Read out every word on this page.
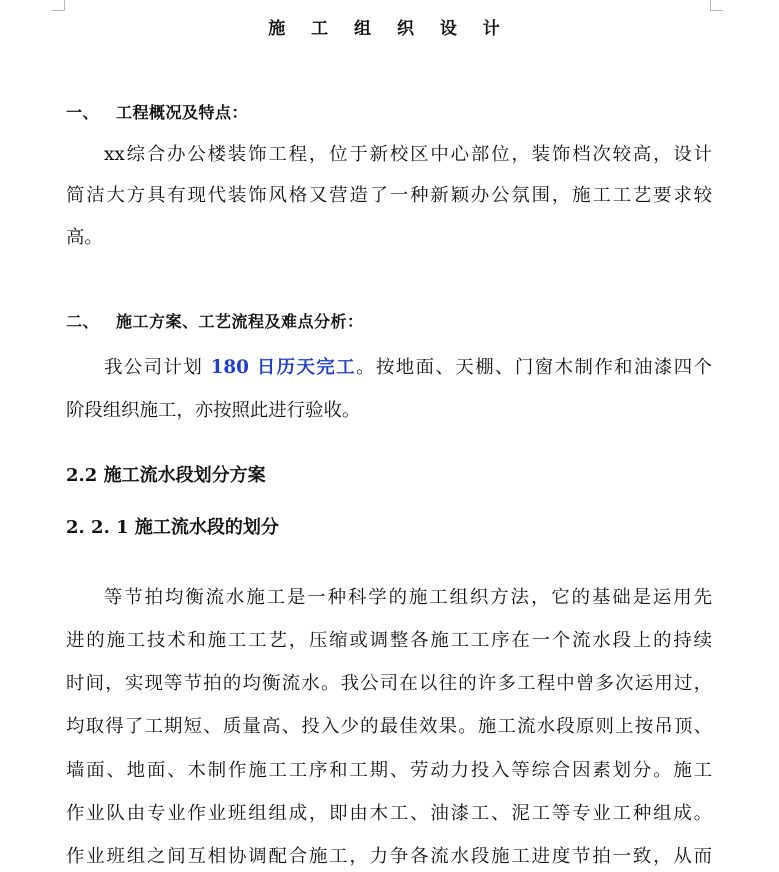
施 工 组 织 设 计
一、 工程概况及特点：
xx综合办公楼装饰工程，位于新校区中心部位，装饰档次较高，设计
简洁大方具有现代装饰风格又营造了一种新颖办公氛围，施工工艺要求较
高。
二、 施工方案、工艺流程及难点分析：
我公司计划 180 日历天完工。按地面、天棚、门窗木制作和油漆四个
阶段组织施工，亦按照此进行验收。
2.2 施工流水段划分方案
2. 2. 1 施工流水段的划分
等节拍均衡流水施工是一种科学的施工组织方法，它的基础是运用先
进的施工技术和施工工艺，压缩或调整各施工工序在一个流水段上的持续
时间，实现等节拍的均衡流水。我公司在以往的许多工程中曾多次运用过，
均取得了工期短、质量高、投入少的最佳效果。施工流水段原则上按吊顶、
墙面、地面、木制作施工工序和工期、劳动力投入等综合因素划分。施工
作业队由专业作业班组组成，即由木工、油漆工、泥工等专业工种组成。
作业班组之间互相协调配合施工，力争各流水段施工进度节拍一致，从而
